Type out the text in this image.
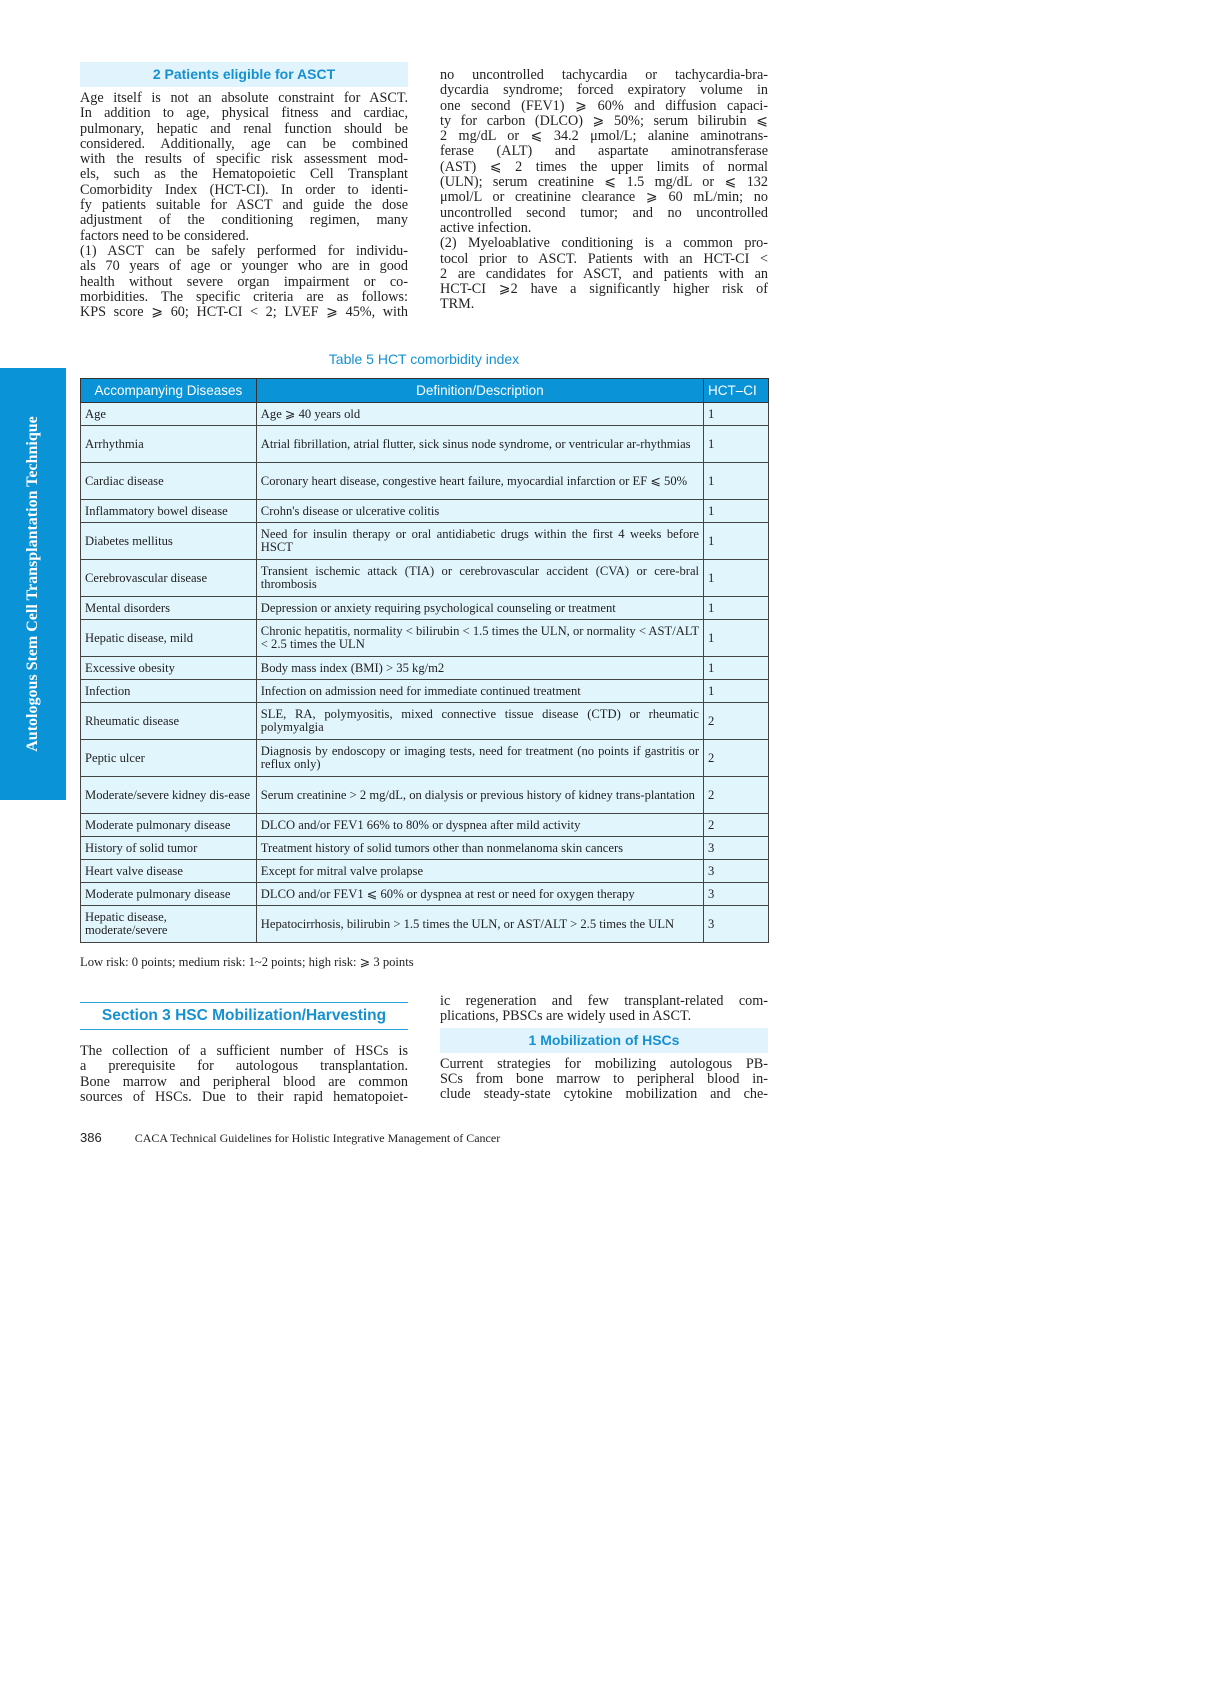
Autologous Stem Cell Transplantation Technique
2 Patients eligible for ASCT
Age itself is not an absolute constraint for ASCT.
In addition to age, physical fitness and cardiac,
pulmonary, hepatic and renal function should be
considered. Additionally, age can be combined
with the results of specific risk assessment mod-
els, such as the Hematopoietic Cell Transplant
Comorbidity Index (HCT-CI). In order to identi-
fy patients suitable for ASCT and guide the dose
adjustment of the conditioning regimen, many
factors need to be considered.
(1) ASCT can be safely performed for individu-
als 70 years of age or younger who are in good
health without severe organ impairment or co-
morbidities. The specific criteria are as follows:
KPS score ⩾ 60; HCT-CI < 2; LVEF ⩾ 45%, with
no uncontrolled tachycardia or tachycardia-bra-
dycardia syndrome; forced expiratory volume in
one second (FEV1) ⩾ 60% and diffusion capaci-
ty for carbon (DLCO) ⩾ 50%; serum bilirubin ⩽
2 mg/dL or ⩽ 34.2 μmol/L; alanine aminotrans-
ferase (ALT) and aspartate aminotransferase
(AST) ⩽ 2 times the upper limits of normal
(ULN); serum creatinine ⩽ 1.5 mg/dL or ⩽ 132
μmol/L or creatinine clearance ⩾ 60 mL/min; no
uncontrolled second tumor; and no uncontrolled
active infection.
(2) Myeloablative conditioning is a common pro-
tocol prior to ASCT. Patients with an HCT-CI <
2 are candidates for ASCT, and patients with an
HCT-CI ⩾2 have a significantly higher risk of
TRM.
Table 5 HCT comorbidity index
Accompanying Diseases	Definition/Description	HCT–CI
Age	Age ⩾ 40 years old	1
Arrhythmia	Atrial fibrillation, atrial flutter, sick sinus node syndrome, or ventricular ar-rhythmias	1
Cardiac disease	Coronary heart disease, congestive heart failure, myocardial infarction or EF ⩽ 50%	1
Inflammatory bowel disease	Crohn's disease or ulcerative colitis	1
Diabetes mellitus	Need for insulin therapy or oral antidiabetic drugs within the first 4 weeks before HSCT	1
Cerebrovascular disease	Transient ischemic attack (TIA) or cerebrovascular accident (CVA) or cere-bral thrombosis	1
Mental disorders	Depression or anxiety requiring psychological counseling or treatment	1
Hepatic disease, mild	Chronic hepatitis, normality < bilirubin < 1.5 times the ULN, or normality < AST/ALT < 2.5 times the ULN	1
Excessive obesity	Body mass index (BMI) > 35 kg/m2	1
Infection	Infection on admission need for immediate continued treatment	1
Rheumatic disease	SLE, RA, polymyositis, mixed connective tissue disease (CTD) or rheumatic polymyalgia	2
Peptic ulcer	Diagnosis by endoscopy or imaging tests, need for treatment (no points if gastritis or reflux only)	2
Moderate/severe kidney dis-ease	Serum creatinine > 2 mg/dL, on dialysis or previous history of kidney trans-plantation	2
Moderate pulmonary disease	DLCO and/or FEV1 66% to 80% or dyspnea after mild activity	2
History of solid tumor	Treatment history of solid tumors other than nonmelanoma skin cancers	3
Heart valve disease	Except for mitral valve prolapse	3
Moderate pulmonary disease	DLCO and/or FEV1 ⩽ 60% or dyspnea at rest or need for oxygen therapy	3
Hepatic disease, moderate/severe	Hepatocirrhosis, bilirubin > 1.5 times the ULN, or AST/ALT > 2.5 times the ULN	3
Low risk: 0 points; medium risk: 1~2 points; high risk: ⩾ 3 points
Section 3 HSC Mobilization/Harvesting
The collection of a sufficient number of HSCs is
a prerequisite for autologous transplantation.
Bone marrow and peripheral blood are common
sources of HSCs. Due to their rapid hematopoiet-
ic regeneration and few transplant-related com-
plications, PBSCs are widely used in ASCT.
1 Mobilization of HSCs
Current strategies for mobilizing autologous PB-
SCs from bone marrow to peripheral blood in-
clude steady-state cytokine mobilization and che-
386	CACA Technical Guidelines for Holistic Integrative Management of Cancer
